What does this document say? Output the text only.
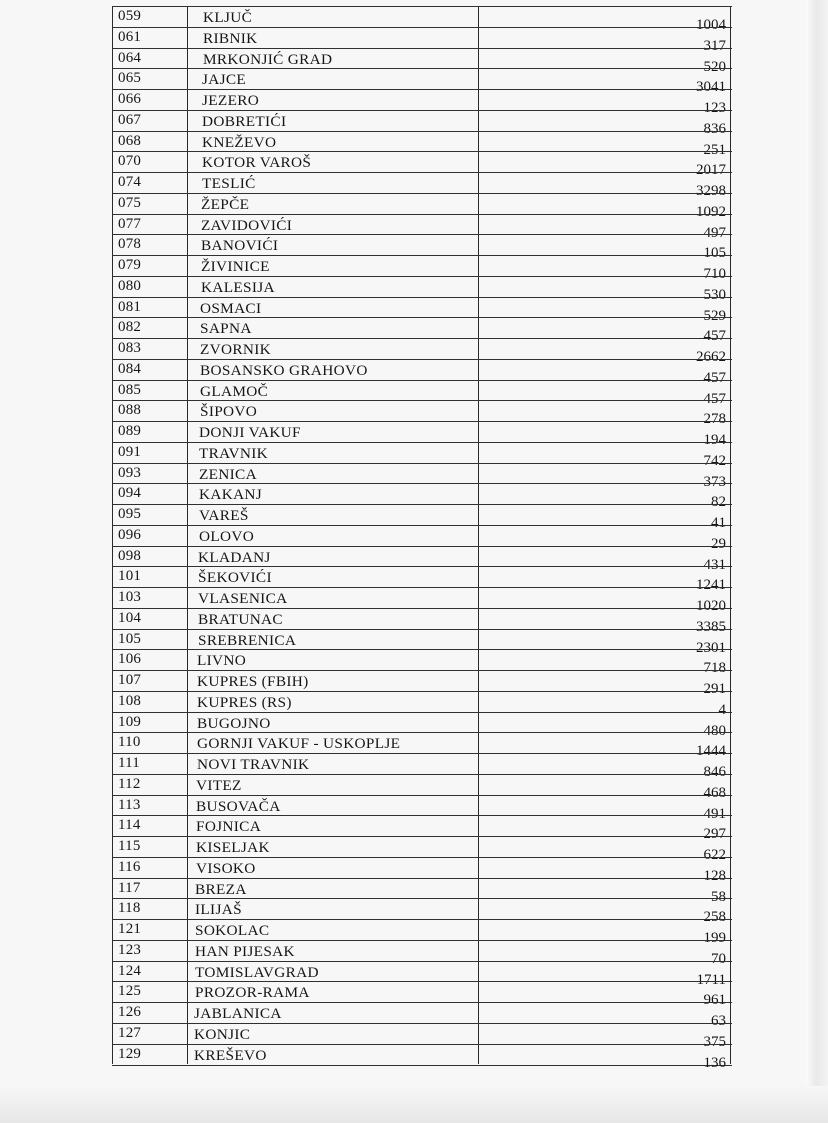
059	KLJUČ	1004
061	RIBNIK	317
064	MRKONJIĆ GRAD	520
065	JAJCE	3041
066	JEZERO	123
067	DOBRETIĆI	836
068	KNEŽEVO	251
070	KOTOR VAROŠ	2017
074	TESLIĆ	3298
075	ŽEPČE	1092
077	ZAVIDOVIĆI	497
078	BANOVIĆI	105
079	ŽIVINICE	710
080	KALESIJA	530
081	OSMACI	529
082	SAPNA	457
083	ZVORNIK	2662
084	BOSANSKO GRAHOVO	457
085	GLAMOČ	457
088	ŠIPOVO	278
089	DONJI VAKUF	194
091	TRAVNIK	742
093	ZENICA	373
094	KAKANJ	82
095	VAREŠ	41
096	OLOVO	29
098	KLADANJ	431
101	ŠEKOVIĆI	1241
103	VLASENICA	1020
104	BRATUNAC	3385
105	SREBRENICA	2301
106	LIVNO	718
107	KUPRES (FBIH)	291
108	KUPRES (RS)	4
109	BUGOJNO	480
110	GORNJI VAKUF - USKOPLJE	1444
111	NOVI TRAVNIK	846
112	VITEZ	468
113	BUSOVAČA	491
114	FOJNICA	297
115	KISELJAK	622
116	VISOKO	128
117	BREZA	58
118	ILIJAŠ	258
121	SOKOLAC	199
123	HAN PIJESAK	70
124	TOMISLAVGRAD	1711
125	PROZOR-RAMA	961
126	JABLANICA	63
127	KONJIC	375
129	KREŠEVO	136
